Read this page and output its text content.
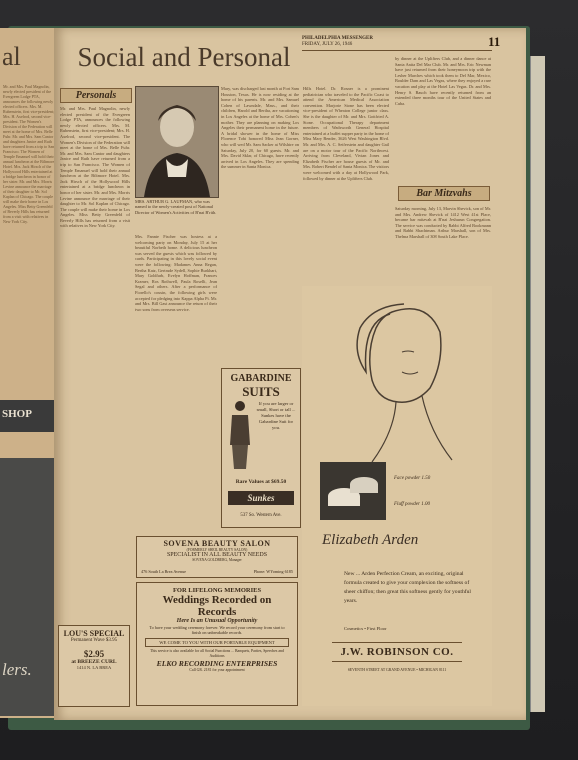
al
Mr. and Mrs. Paul Magnolin, newly elected president of the Evergreen Lodge PTA, announces the following newly elected officers. Mrs. M. Rubenstein, first vice-president; Mrs. H. Axelrod, second vice-president. The Women's Division of the Federation will meet at the home of Mrs. Belle Fuhr. Mr. and Mrs. Sam Cantor and daughters Janice and Ruth have returned from a trip to San Francisco. The Women of Temple Emanuel will hold their annual luncheon at the Biltmore Hotel. Mrs. Jack Hirsch of the Hollywood Hills entertained at a bridge luncheon in honor of her sister. Mr. and Mrs. Morris Levine announce the marriage of their daughter to Mr. Sol Kaplan of Chicago. The couple will make their home in Los Angeles. Miss Betty Greenfeld of Beverly Hills has returned from a visit with relatives in New York City.
SHOP
lers.
Social and Personal
PHILADELPHIA MESSENGER
FRIDAY, JULY 26, 1946	11
Personals
Mr. and Mrs. Paul Magnolin, newly elected president of the Evergreen Lodge PTA, announces the following newly elected officers. Mrs. M. Rubenstein, first vice-president; Mrs. H. Axelrod, second vice-president. The Women's Division of the Federation will meet at the home of Mrs. Belle Fuhr. Mr. and Mrs. Sam Cantor and daughters Janice and Ruth have returned from a trip to San Francisco. The Women of Temple Emanuel will hold their annual luncheon at the Biltmore Hotel. Mrs. Jack Hirsch of the Hollywood Hills entertained at a bridge luncheon in honor of her sister. Mr. and Mrs. Morris Levine announce the marriage of their daughter to Mr. Sol Kaplan of Chicago. The couple will make their home in Los Angeles. Miss Betty Greenfeld of Beverly Hills has returned from a visit with relatives in New York City.
LOU'S SPECIAL
Permanent Wave $3.95
$2.95
at BREEZE CURL
1414 N. LA BREA
MRS. ARTHUR G. LAUFMAN, who was named to the newly-created post of National Director of Women's Activities of B'nai B'rith.
Mrs. Fannie Fischer was hostess at a welcoming party on Monday, July 15 at her beautiful Norbeth home. A delicious luncheon was served the guests which was followed by cards. Participating in this lovely social event were the following: Madames Anna Regan, Bertha Katz, Gertrude Sydell, Sophie Burkhart, Mary Goldfarb, Evelyn Hoffman, Frances Kramer, Ros Rothwell, Paula Roselli, Jean Segal and others. After a performance of Fiorello's cousin, the following girls were accepted for pledging into Kappa Alpha Pi. Mr. and Mrs. Bill Gast announce the return of their two sons from overseas service.
Mary, was discharged last month at Fort Sam Houston, Texas. He is now residing at the home of his parents. Mr. and Mrs. Samuel Cohen of Lawndale, Mass., and their children, Harold and Bertha, are vacationing in Los Angeles at the home of Mrs. Cohen's mother. They are planning on making Los Angeles their permanent home in the future. A bridal shower in the home of Miss Florence Tobi honored Miss Jean Gorner, who will wed Mr. Sam Sacker at Wilshire on Saturday, July 20, for 60 guests. Mr. and Mrs. David Sklar, of Chicago, have recently arrived in Los Angeles. They are spending the summer in Santa Monica.
GABARDINE
SUITS
If you are larger or small, Short or tall ... Sunkes have the Gabardine Suit for you.
Rare Values at $69.50
Sunkes
537 So. Western Ave.
SOVENA BEAUTY SALON
(FORMERLY SHEIL BEAUTY SALON)
SPECIALIST IN ALL BEAUTY NEEDS
SOVENA GOLDBERG, Manager
476 South La Brea Avenue	Phone: WYoming 6185
FOR LIFELONG MEMORIES
Weddings Recorded on Records
Here Is an Unusual Opportunity
To have your wedding ceremony forever. We record your ceremony from start to finish on unbreakable records.
WE COME TO YOU WITH OUR PORTABLE EQUIPMENT
This service is also available for all Social Functions ... Banquets, Parties, Speeches and Auditions
ELKO RECORDING ENTERPRISES
Call GR. 2181 for your appointment
Hills Hotel. Dr. Rosner is a prominent pediatrician who traveled to the Pacific Coast to attend the American Medical Association convention. Marjorie Stone has been elected vice-president of Wheaton College junior class. She is the daughter of Mr. and Mrs. Gottfried A. Stone. Occupational Therapy department members of Wadsworth General Hospital entertained at a buffet supper party in the home of Miss Mary Bender, 3626 West Washington Blvd. Mr. and Mrs. A. C. Seiferstein and daughter Gail are on a motor tour of the Pacific Northwest. Arriving from Cleveland, Vivian Jones and Elizabeth Fischer are house guests of Mr. and Mrs. Robert Bendel of Santa Monica. The visitors were welcomed with a day at Hollywood Park, followed by dinner at the Uplifters Club.
by dinner at the Uplifters Club, and a dinner dance at Santa Anita Del Mar Club. Mr. and Mrs. Eric Newman have just returned from their honeymoon trip with the Lesher Marches which took them to Del Mar, Mexico, Boulder Dam and Las Vegas, where they enjoyed a rare vacation and play at the Hotel Las Vegas. Dr. and Mrs. Henry S. Bauch have recently returned from an extended three months tour of the United States and Cuba.
Bar Mitzvahs
Saturday morning, July 13, Marvin Shevick, son of Mr. and Mrs. Andrew Shevick of 1412 West 41st Place, became bar mitzvah at B'nai Jeshurun Congregation. The service was conducted by Rabbi Alfred Bookmann and Rabbi Shachtman. Arthur Marshall, son of Mrs. Thelma Marshall of 308 South Lake Place.
Face powder 1.50
Fluff powder 1.00
Elizabeth Arden
New ... Arden Perfection Cream, an exciting, original formula created to give your complexion the softness of sheer chiffon; then great this softness gently for youthful years.
Cosmetics • First Floor
J.W. ROBINSON CO.
SEVENTH STREET AT GRAND AVENUE • MICHIGAN 8111
